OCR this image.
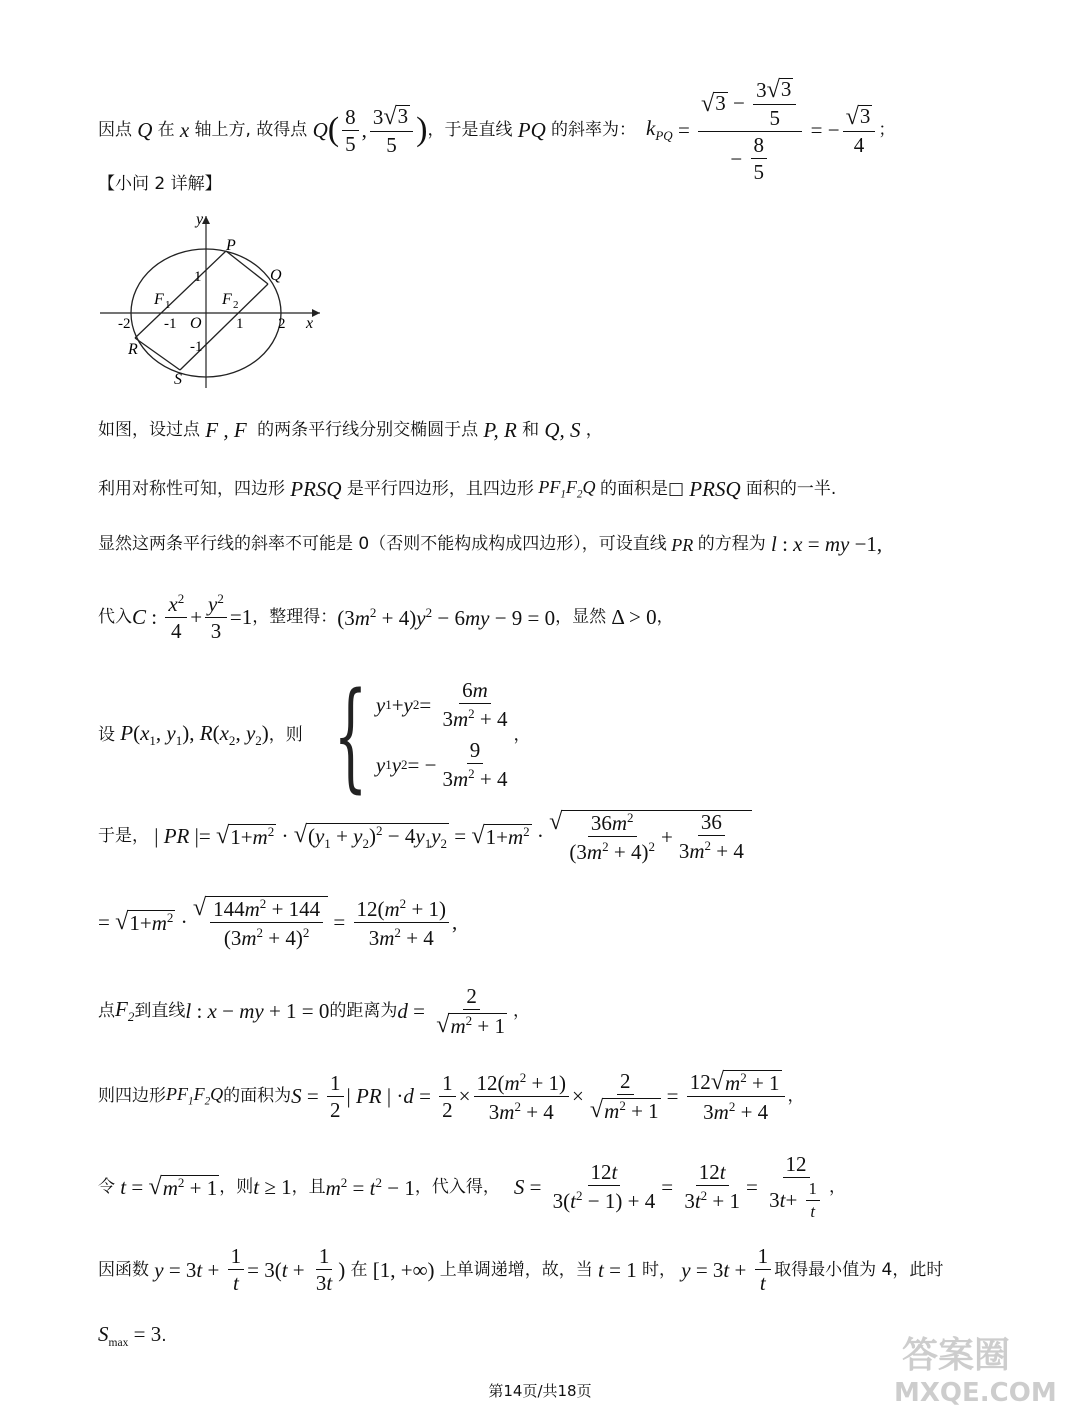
因点 Q 在 x 轴上方, 故得点 Q ( $\frac{8}{5}$ , $\frac{3 √ 3}{5}$ ) ，于是直线 PQ 的斜率为： $k_{PQ} = \frac{√ 3 - \frac{3 √ 3}{5}}{- \frac{8}{5}}$ = − $\frac{√ 3}{4}$ ；
【小问 2 详解】
y
x
P
Q
R
S
F 1	F 2
O
1
-1
-2 -1	1 2
如图，设过点 F , F 的两条平行线分别交椭圆于点 P, R 和 Q, S ，
利用对称性可知，四边形 PRSQ 是平行四边形，且四边形 $PF_1F_2Q$ 的面积是 □ PRSQ 面积的一半.
显然这两条平行线的斜率不可能是 0（否则不能构成构成四边形），可设直线 PR 的方程为 l : x = my −1,
代入 C : $\frac{x^2}{4} + \frac{y^2}{3} =1$ ，整理得： $(3m^2 + 4)y^2 - 6my - 9 = 0$ ，显然 Δ > 0 ，
设 $P(x_1$, $y_1$), $R(x_2$, $y_2$) ，则 { y 1 + y $2 = \frac{6m}{3m^2 + 4}$
y 1 y 2 = − $\frac{9}{3m^2 + 4}$
，
于是， | PR |= √ $1+m^2$ · √ $(y_1 + y_2)^2 - 4y_1y_2$ = √ $1+m^2$ ·
√ $\frac{36m^2}{(3m^2 + 4)^2} + \frac{36}{3m^2 + 4}$
= √ $1+m^2$ ·
√ $\frac{144m^2 + 144}{(3m^2 + 4)^2} = \frac{12(m^2 + 1)}{3m^2 + 4}$ ,
点 $F_2$ 到直线 l : x − my + 1 = 0 的距离为 $d = \frac{2}{√ m^2 + 1}$ ，
则四边形 $PF_1F_2Q$ 的面积为 $S = \frac{1}{2}$ | PR | $\cdot d = \frac{1}{2} \times \frac{12(m^2 + 1)}{3m^2 + 4} \times \frac{2}{√ m^2 + 1} = \frac{12 √ m^2 + 1}{3m^2 + 4}$ ，
令 t = √ $m^2 + 1$ ，则 t ≥ 1 ，且 $m^2 = t^2 - 1$ ，代入得， $S = \frac{12t}{3(t^2 - 1) + 4} = \frac{12t}{3t^2 + 1} = \frac{12}{3 t + \frac{1}{t}}$ ，
因函数 $y = 3t + \frac{1}{t} = 3(t + \frac{1}{3t}$ ) 在 [1, +∞) 上单调递增，故，当 t = 1 时， $y = 3t + \frac{1}{t}$ 取得最小值为 4，此时
$S_{max} = 3$ .
第14页/共18页
答案圈
MXQE.COM
